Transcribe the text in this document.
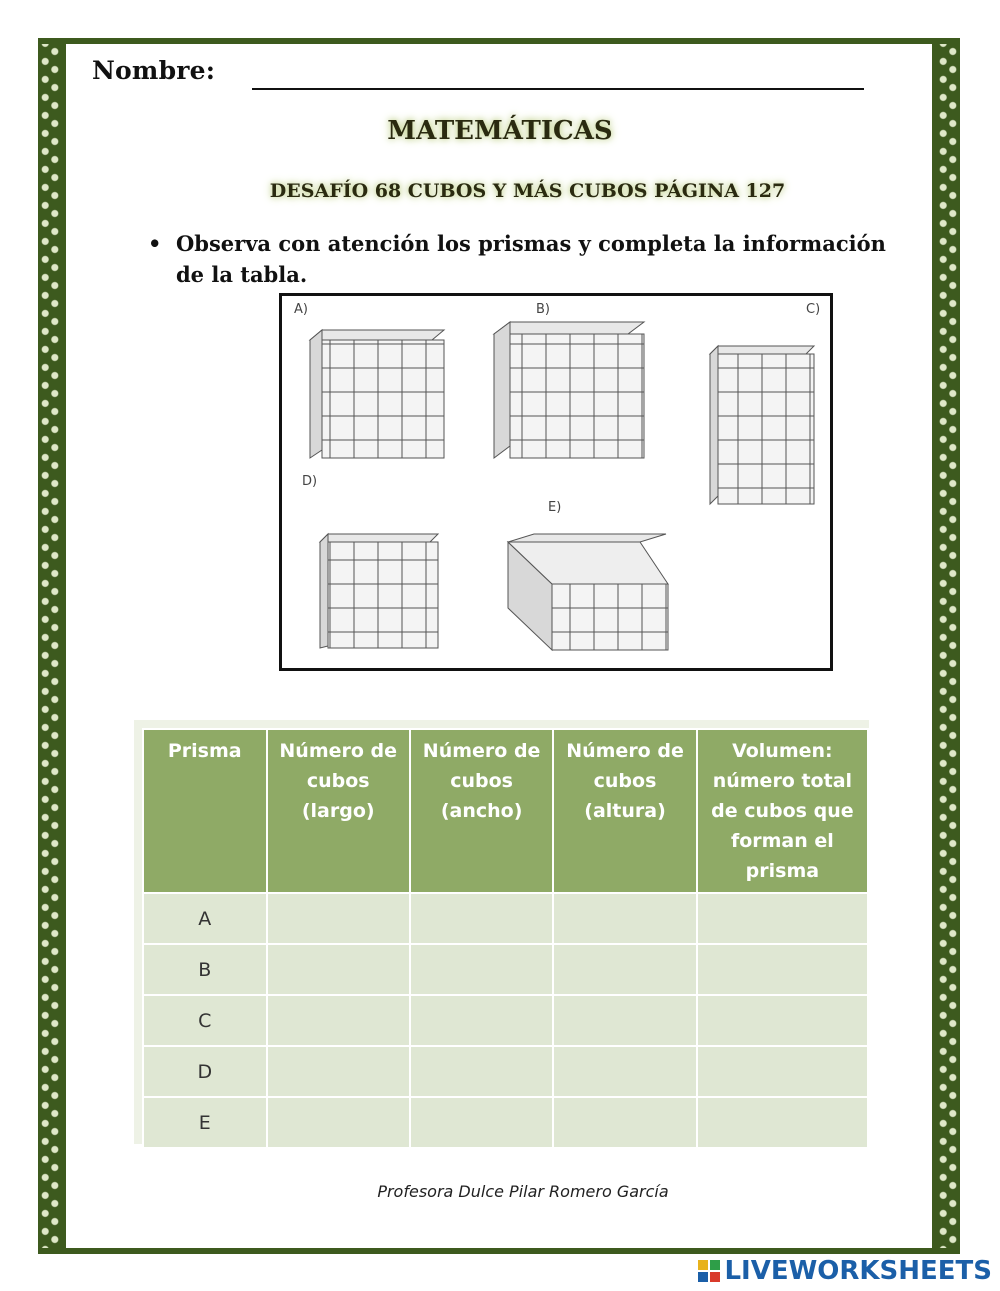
Nombre:
MATEMÁTICAS
DESAFÍO 68 CUBOS Y MÁS CUBOS PÁGINA 127
• Observa con atención los prismas y completa la información de la tabla.
A)	B)	C)
D)
E)
Prisma	Número de cubos (largo)	Número de cubos (ancho)	Número de cubos (altura)	Volumen: número total de cubos que forman el prisma
A				
B				
C				
D				
E				
Profesora Dulce Pilar Romero García
LIVEWORKSHEETS
